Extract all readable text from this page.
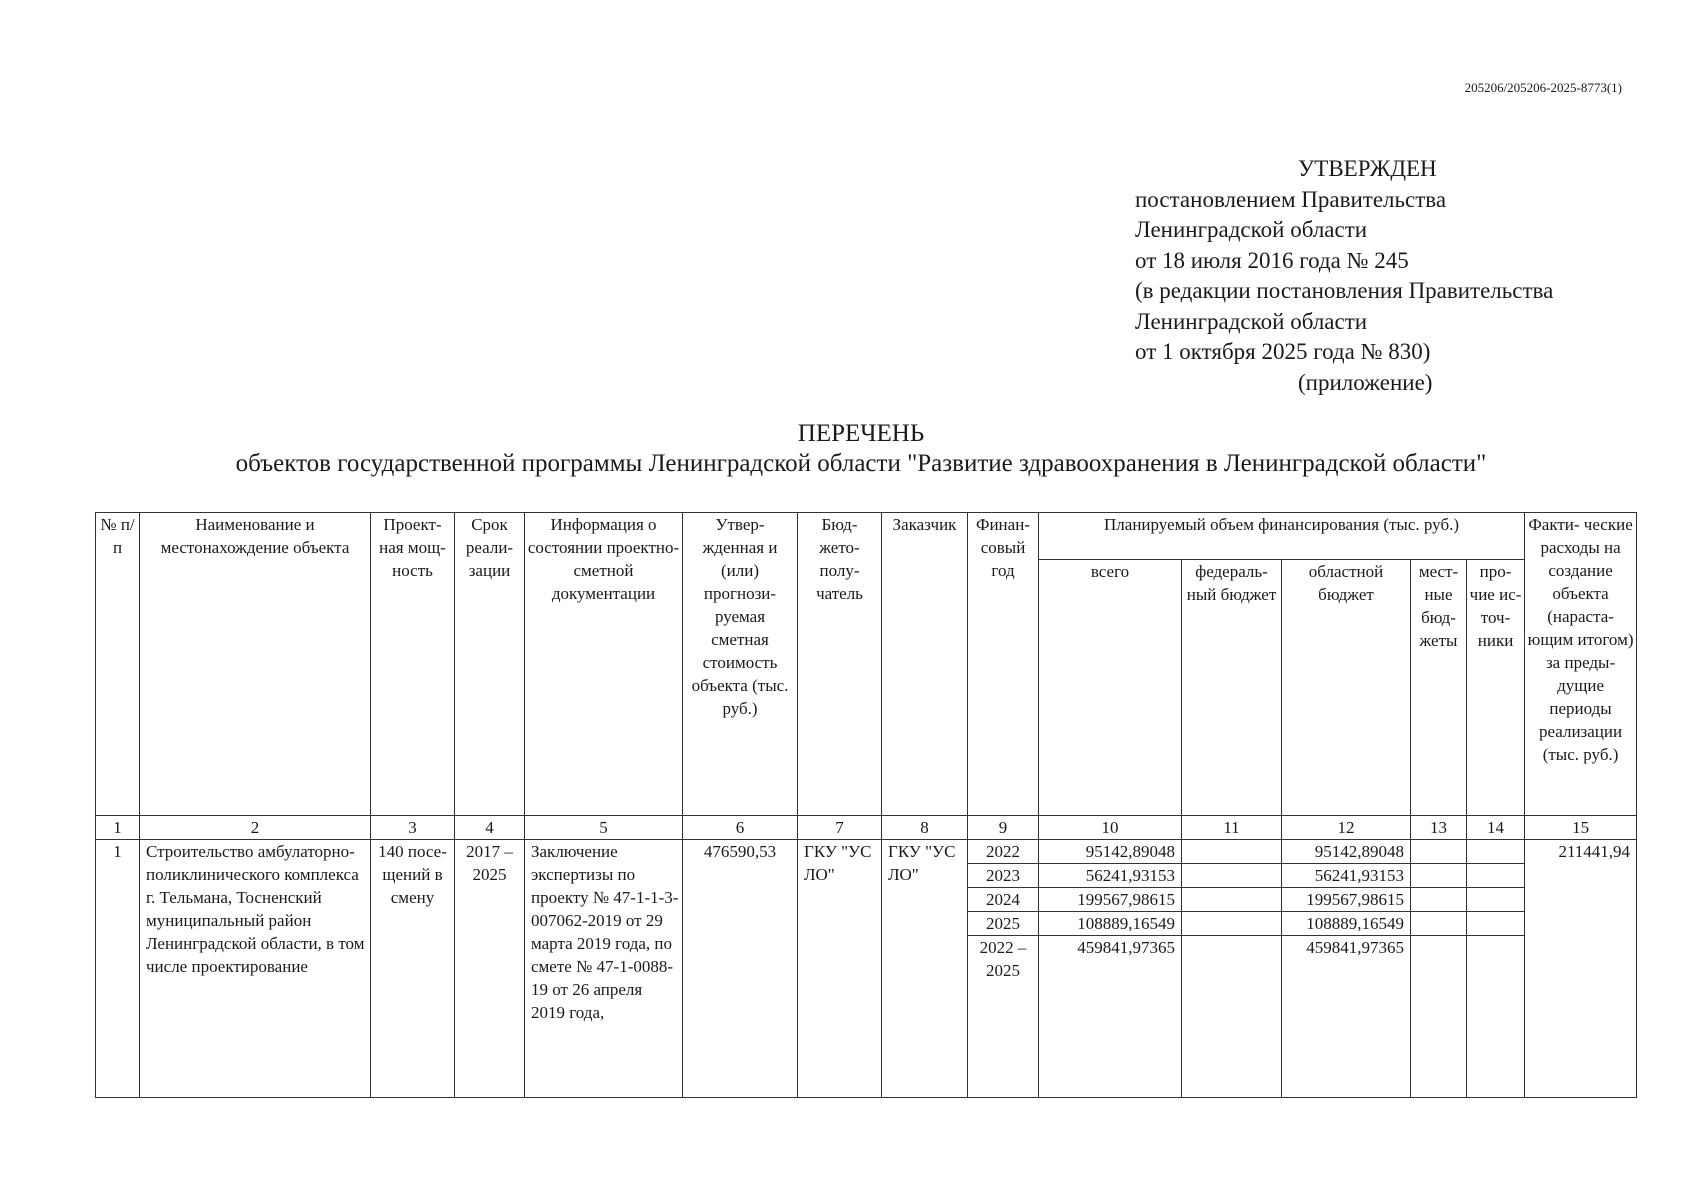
205206/205206-2025-8773(1)
УТВЕРЖДЕН
постановлением Правительства
Ленинградской области
от 18 июля 2016 года № 245
(в редакции постановления Правительства
Ленинградской области
от 1 октября 2025 года № 830)
(приложение)
ПЕРЕЧЕНЬ
объектов государственной программы Ленинградской области "Развитие здравоохранения в Ленинградской области"
№ п/п	Наименование и местонахождение объекта	Проект- ная мощ- ность	Срок реали- зации	Информация о состоянии проектно- сметной документации	Утвер- жденная и (или) прогнози- руемая сметная стоимость объекта (тыс. руб.)	Бюд- жето- полу- чатель	Заказчик	Финан- совый год	Планируемый объем финансирования (тыс. руб.)					Факти- ческие расходы на создание объекта (нараста- ющим итогом) за преды- дущие периоды реализации (тыс. руб.)
									всего	федераль- ный бюджет	областной бюджет	мест- ные бюд- жеты	про- чие ис- точ- ники	
1	2	3	4	5	6	7	8	9	10	11	12	13	14	15
1	Строительство амбулаторно- поликлинического комплекса г. Тельмана, Тосненский муниципальный район Ленинградской области, в том числе проектирование	140 посе- щений в смену	2017 – 2025	Заключение экспертизы по проекту № 47-1-1-3- 007062-2019 от 29 марта 2019 года, по смете № 47-1-0088-19 от 26 апреля 2019 года,	476590,53	ГКУ "УС ЛО"	ГКУ "УС ЛО"	2022	95142,89048		95142,89048			211441,94
								2023	56241,93153		56241,93153			
								2024	199567,98615		199567,98615			
								2025	108889,16549		108889,16549			
								2022 – 2025	459841,97365		459841,97365			
